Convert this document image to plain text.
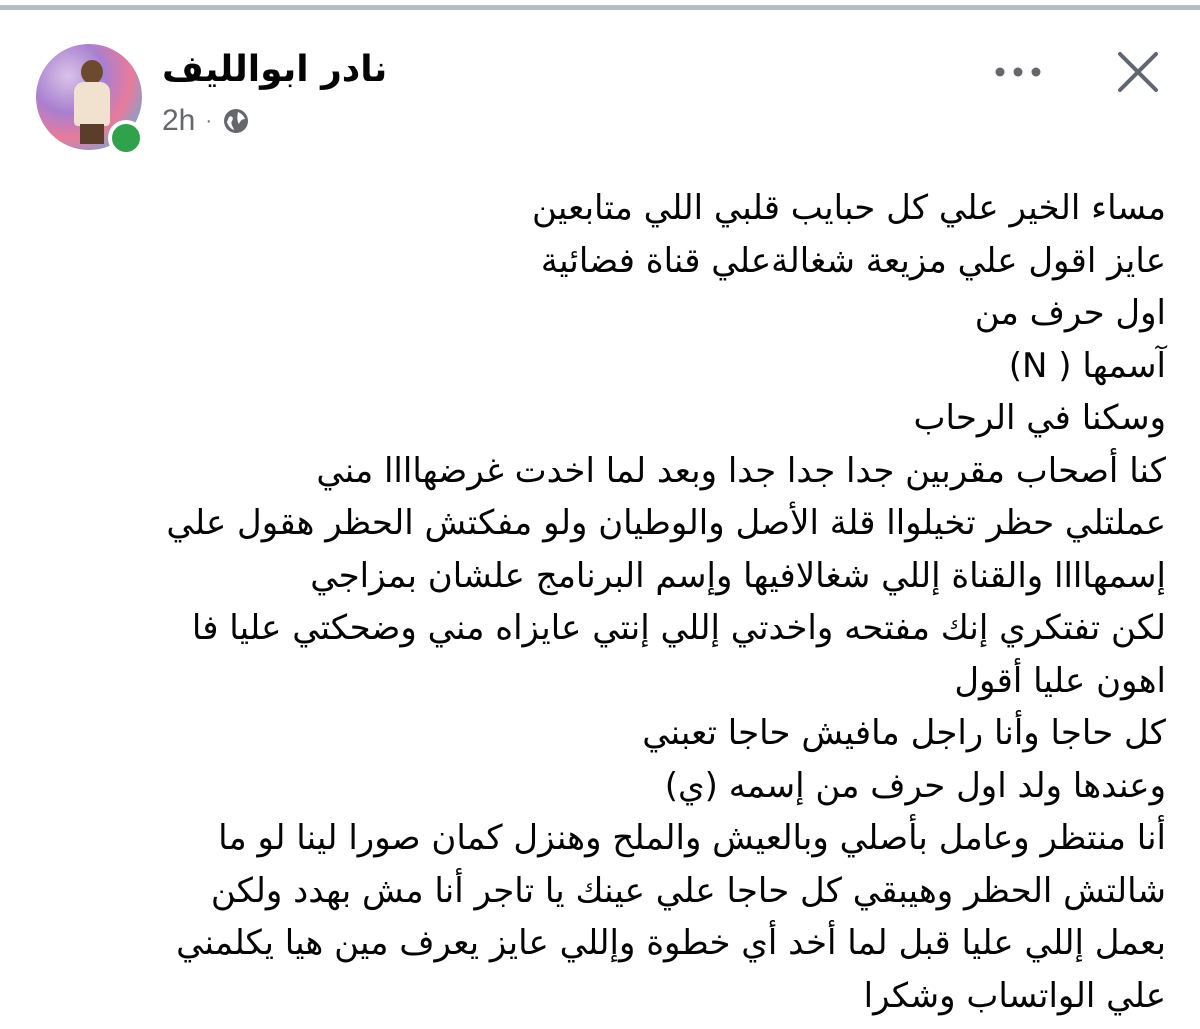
نادر ابوالليف
2h ·
مساء الخير علي كل حبايب قلبي اللي متابعين
عايز اقول علي مزيعة شغالةعلي قناة فضائية
اول حرف من
آسمها ( N)
وسكنا في الرحاب
كنا أصحاب مقربين جدا جدا جدا وبعد لما اخدت غرضهاااا مني
عملتلي حظر تخيلواا قلة الأصل والوطيان ولو مفكتش الحظر هقول علي
إسمهاااا والقناة إللي شغالافيها وإسم البرنامج علشان بمزاجي
لكن تفتكري إنك مفتحه واخدتي إللي إنتي عايزاه مني وضحكتي عليا فا
اهون عليا أقول
كل حاجا وأنا راجل مافيش حاجا تعبني
وعندها ولد اول حرف من إسمه (ي)
أنا منتظر وعامل بأصلي وبالعيش والملح وهنزل كمان صورا لينا لو ما
شالتش الحظر وهيبقي كل حاجا علي عينك يا تاجر أنا مش بهدد ولكن
بعمل إللي عليا قبل لما أخد أي خطوة وإللي عايز يعرف مين هيا يكلمني
علي الواتساب وشكرا
